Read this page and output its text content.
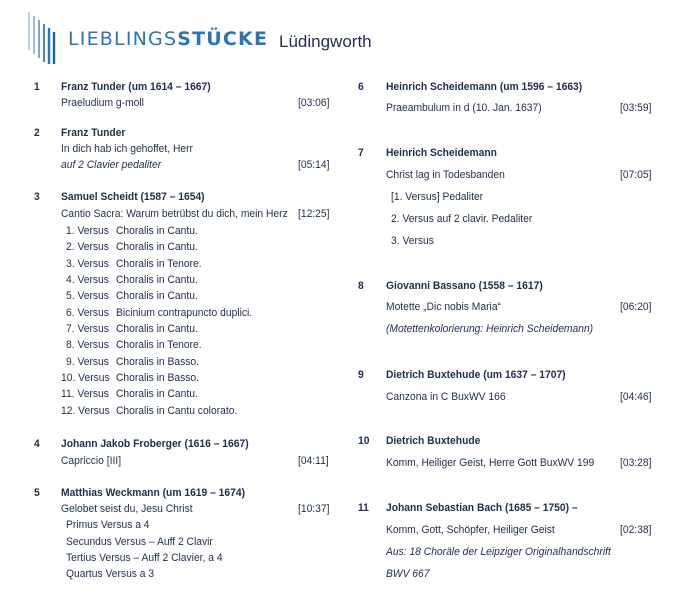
LIEBLINGSSTÜCKE Lüdingworth
1 Franz Tunder (um 1614 – 1667)
Praeludium g-moll	[03:06]
2 Franz Tunder
In dich hab ich gehoffet, Herr
auf 2 Clavier pedaliter	[05:14]
3 Samuel Scheidt (1587 – 1654)
Cantio Sacra: Warum betrübst du dich, mein Herz [12:25]
1. Versus Choralis in Cantu.
2. Versus Choralis in Cantu.
3. Versus Choralis in Tenore.
4. Versus Choralis in Cantu.
5. Versus Choralis in Cantu.
6. Versus Bicinium contrapuncto duplici.
7. Versus Choralis in Cantu.
8. Versus Choralis in Tenore.
9. Versus Choralis in Basso.
10. Versus Choralis in Basso.
11. Versus Choralis in Cantu.
12. Versus Choralis in Cantu colorato.
4 Johann Jakob Froberger (1616 – 1667)
Capriccio [III]	[04:11]
5 Matthias Weckmann (um 1619 – 1674)
Gelobet seist du, Jesu Christ	[10:37]
Primus Versus a 4
Secundus Versus – Auff 2 Clavir
Tertius Versus – Auff 2 Clavier, a 4
Quartus Versus a 3
6 Heinrich Scheidemann (um 1596 – 1663)
Praeambulum in d (10. Jan. 1637)	[03:59]
7 Heinrich Scheidemann
Christ lag in Todesbanden	[07:05]
[1. Versus] Pedaliter
2. Versus auf 2 clavir. Pedaliter
3. Versus
8 Giovanni Bassano (1558 – 1617)
Motette „Dic nobis Maria“	[06:20]
(Motettenkolorierung: Heinrich Scheidemann)
9 Dietrich Buxtehude (um 1637 – 1707)
Canzona in C BuxWV 166	[04:46]
10 Dietrich Buxtehude
Komm, Heiliger Geist, Herre Gott BuxWV 199 [03:28]
11 Johann Sebastian Bach (1685 – 1750) –
Komm, Gott, Schöpfer, Heiliger Geist	[02:38]
Aus: 18 Choräle der Leipziger Originalhandschrift
BWV 667
